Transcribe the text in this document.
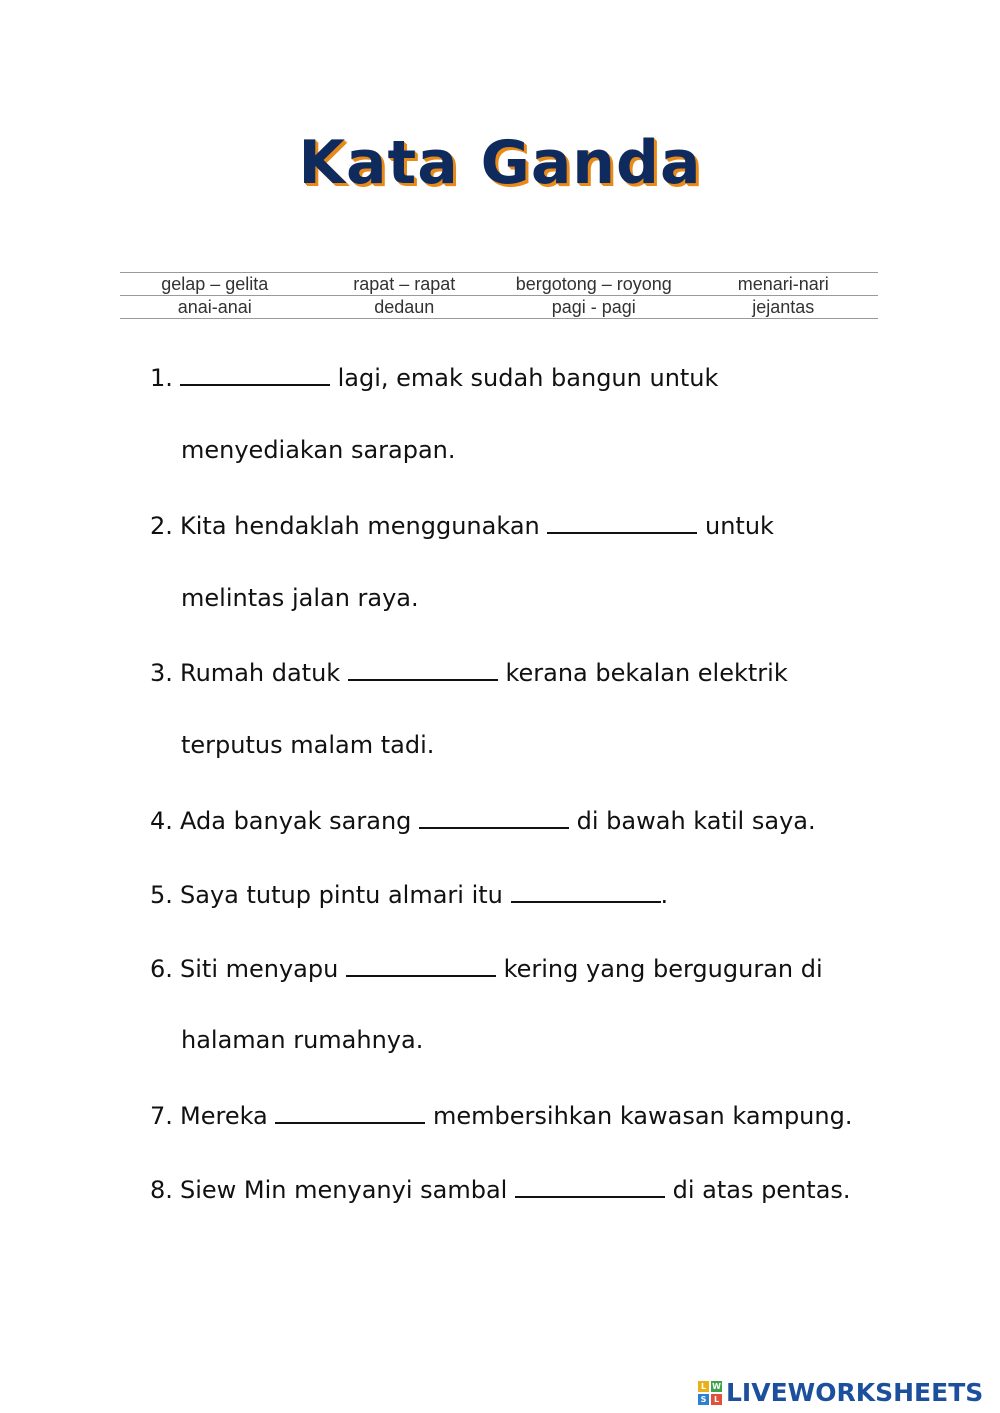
Kata Ganda
gelap – gelita	rapat – rapat	bergotong – royong	menari-nari
anai-anai	dedaun	pagi - pagi	jejantas
1.	lagi, emak sudah bangun untuk
menyediakan sarapan.
2. Kita hendaklah menggunakan	untuk
melintas jalan raya.
3. Rumah datuk	kerana bekalan elektrik
terputus malam tadi.
4. Ada banyak sarang	di bawah katil saya.
5. Saya tutup pintu almari itu	.
6. Siti menyapu	kering yang berguguran di
halaman rumahnya.
7. Mereka	membersihkan kawasan kampung.
8. Siew Min menyanyi sambal	di atas pentas.
L W
S L LIVEWORKSHEETS
